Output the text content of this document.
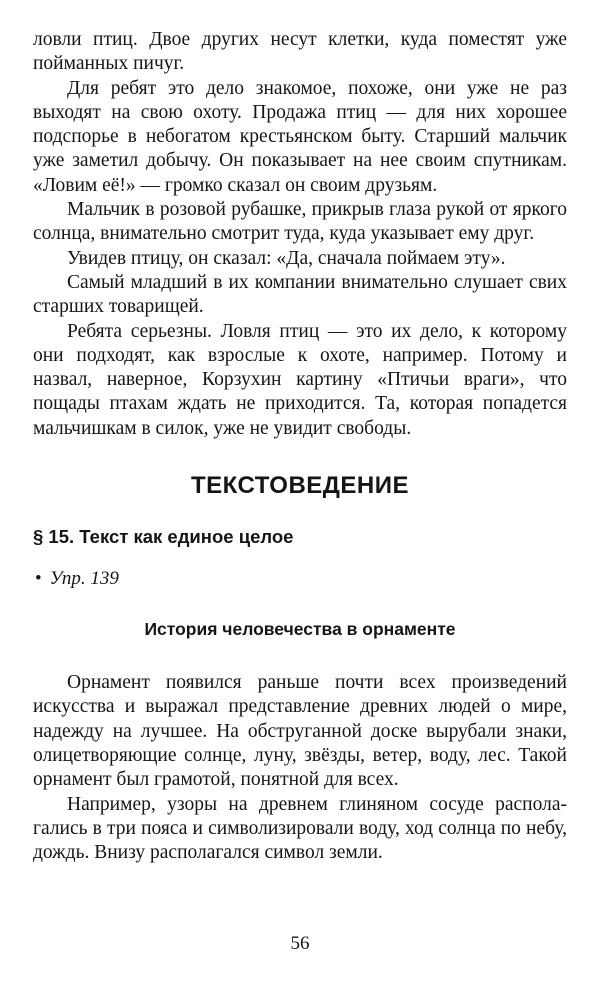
ловли птиц. Двое других несут клетки, куда поместят уже пойманных пичуг.

Для ребят это дело знакомое, похоже, они уже не раз выходят на свою охоту. Продажа птиц — для них хорошее подспорье в небогатом крестьянском быту. Старший мальчик уже заметил добычу. Он показывает на нее своим спутникам. «Ловим её!» — громко сказал он своим друзьям.

Мальчик в розовой рубашке, прикрыв глаза рукой от яркого солнца, внимательно смотрит туда, куда указывает ему друг.

Увидев птицу, он сказал: «Да, сначала поймаем эту».

Самый младший в их компании внимательно слушает свих старших товарищей.

Ребята серьезны. Ловля птиц — это их дело, к которому они подходят, как взрослые к охоте, например. Потому и назвал, наверное, Корзухин картину «Птичьи враги», что пощады птахам ждать не приходится. Та, которая попадется мальчишкам в силок, уже не увидит свободы.

ТЕКСТОВЕДЕНИЕ
§ 15. Текст как единое целое
• Упр. 139
История человечества в орнаменте

Орнамент появился раньше почти всех произведений искусства и выражал представление древних людей о мире, надежду на лучшее. На обструганной доске вырубали знаки, олицетворяющие солнце, луну, звёзды, ветер, воду, лес. Такой орнамент был грамотой, понятной для всех.

Например, узоры на древнем глиняном сосуде располагались в три пояса и символизировали воду, ход солнца по небу, дождь. Внизу располагался символ земли.

56
